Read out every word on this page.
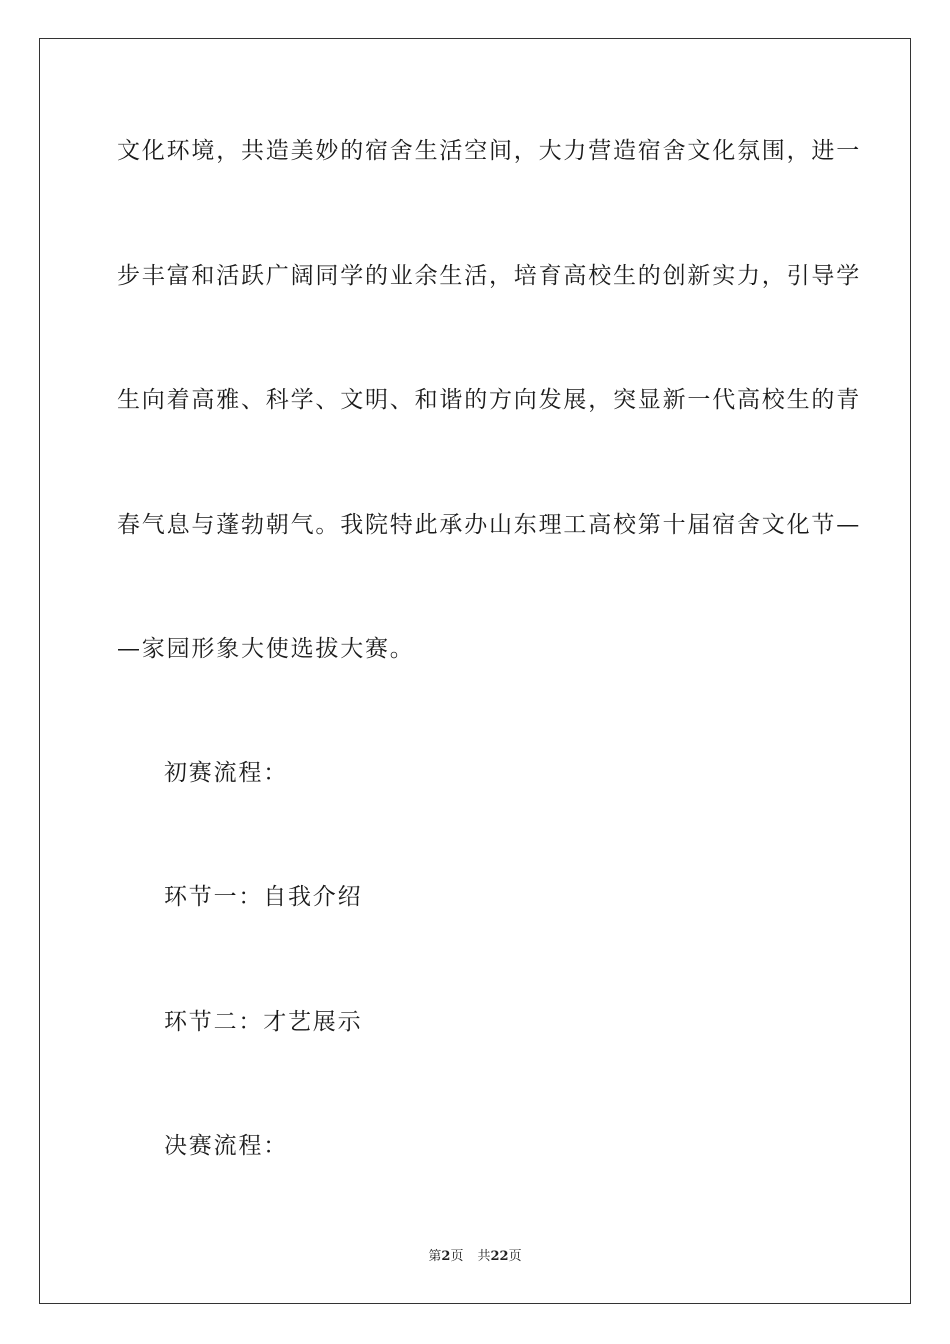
文化环境，共造美妙的宿舍生活空间，大力营造宿舍文化氛围，进一

步丰富和活跃广阔同学的业余生活，培育高校生的创新实力，引导学

生向着高雅、科学、文明、和谐的方向发展，突显新一代高校生的青

春气息与蓬勃朝气。我院特此承办山东理工高校第十届宿舍文化节—

—家园形象大使选拔大赛。

初赛流程：

环节一：自我介绍

环节二：才艺展示

决赛流程：

第2页 共22页
